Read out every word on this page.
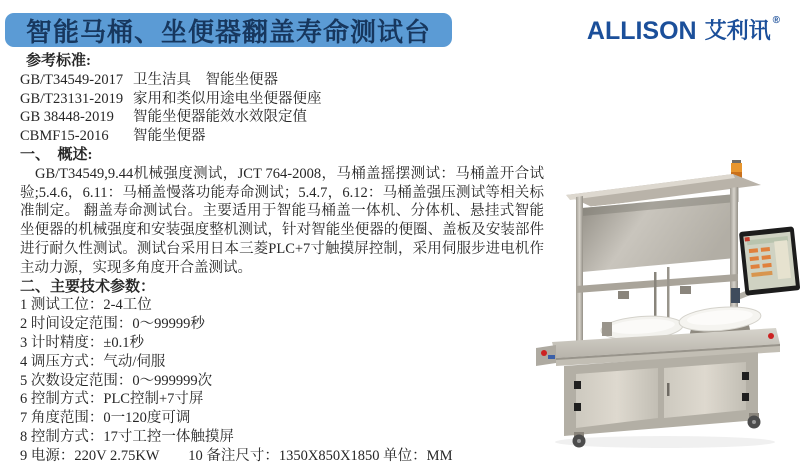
智能马桶、坐便器翻盖寿命测试台	ALLISON 艾利讯 ®
参考标准:
GB/T34549-2017 卫生洁具　智能坐便器
GB/T23131-2019 家用和类似用途电坐便器便座
GB 38448-2019 智能坐便器能效水效限定值
CBMF15-2016 智能坐便器
一、　概述:
GB/T34549,9.44机械强度测试，JCT 764-2008，马桶盖摇摆测试：马桶盖开合试验;5.4.6，6.11：马桶盖慢落功能寿命测试；5.4.7，6.12：马桶盖强压测试等相关标准制定。 翻盖寿命测试台。主要适用于智能马桶盖一体机、分体机、悬挂式智能坐便器的机械强度和安装强度整机测试，针对智能坐便器的便圈、盖板及安装部件进行耐久性测试。测试台采用日本三菱PLC+7寸触摸屏控制，采用伺服步进电机作主动力源，实现多角度开合盖测试。
二、主要技术参数：
1 测试工位：2-4工位
2 时间设定范围：0～99999秒
3 计时精度：±0.1秒
4 调压方式：气动/伺服
5 次数设定范围：0～999999次
6 控制方式：PLC控制+7寸屏
7 角度范围：0一120度可调
8 控制方式：17寸工控一体触摸屏
9 电源：220V 2.75KW　　10 备注尺寸：1350X850X1850 单位：MM
